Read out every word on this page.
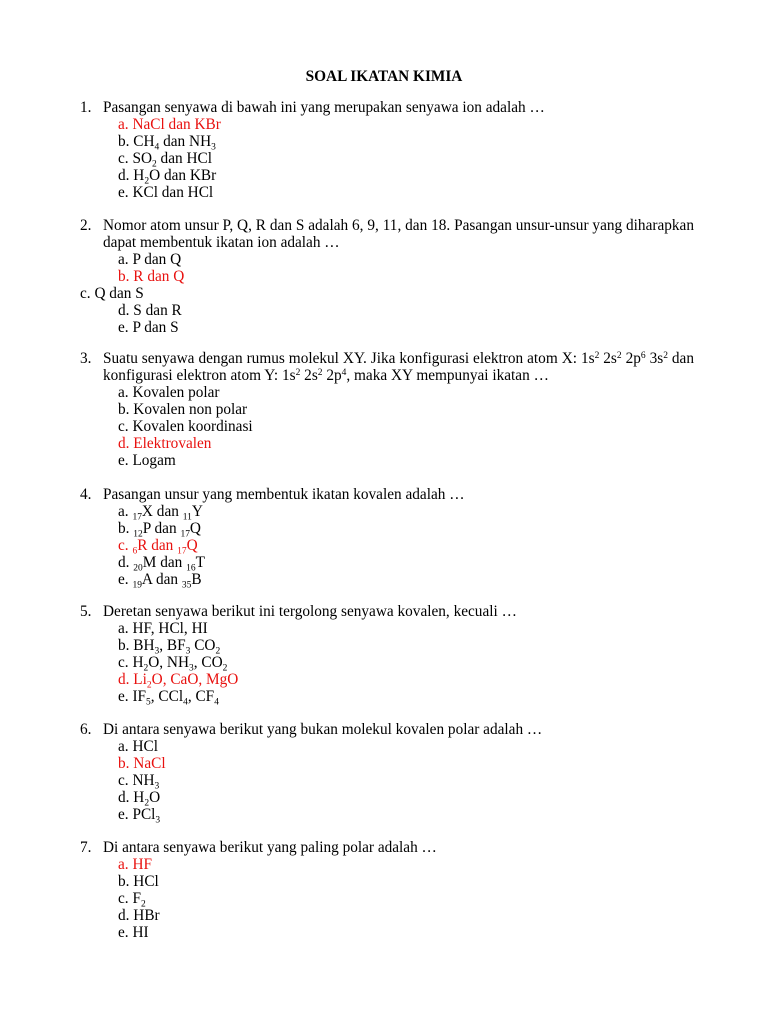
SOAL IKATAN KIMIA
1. Pasangan senyawa di bawah ini yang merupakan senyawa ion adalah …
a. NaCl dan KBr
b. $CH_4$ dan $NH_3$
c. $SO_2$ dan HCl
d. $H_2O$ dan KBr
e. KCl dan HCl
2. Nomor atom unsur P, Q, R dan S adalah 6, 9, 11, dan 18. Pasangan unsur-unsur yang diharapkan dapat membentuk ikatan ion adalah …
a. P dan Q
b. R dan Q
c. Q dan S
d. S dan R
e. P dan S
3. Suatu senyawa dengan rumus molekul XY. Jika konfigurasi elektron atom X: $1s^2$ $2s^2$ $2p^6$ $3s^2$ dan konfigurasi elektron atom Y: $1s^2$ $2s^2$ $2p^4$, maka XY mempunyai ikatan …
a. Kovalen polar
b. Kovalen non polar
c. Kovalen koordinasi
d. Elektrovalen
e. Logam
4. Pasangan unsur yang membentuk ikatan kovalen adalah …
a. $_{17}$X dan $_{11}$Y
b. $_{12}$P dan $_{17}$Q
c. $_6$R dan $_{17}$Q
d. $_{20}$M dan $_{16}$T
e. $_{19}$A dan $_{35}$B
5. Deretan senyawa berikut ini tergolong senyawa kovalen, kecuali …
a. HF, HCl, HI
b. $BH_3$, $BF_3$ $CO_2$
c. $H_2O$, $NH_3$, $CO_2$
d. $Li_2O$, CaO, MgO
e. $IF_5$, CCl$_4$, $CF_4$
6. Di antara senyawa berikut yang bukan molekul kovalen polar adalah …
a. HCl
b. NaCl
c. $NH_3$
d. $H_2O$
e. PCl$_3$
7. Di antara senyawa berikut yang paling polar adalah …
a. HF
b. HCl
c. $F_2$
d. HBr
e. HI
